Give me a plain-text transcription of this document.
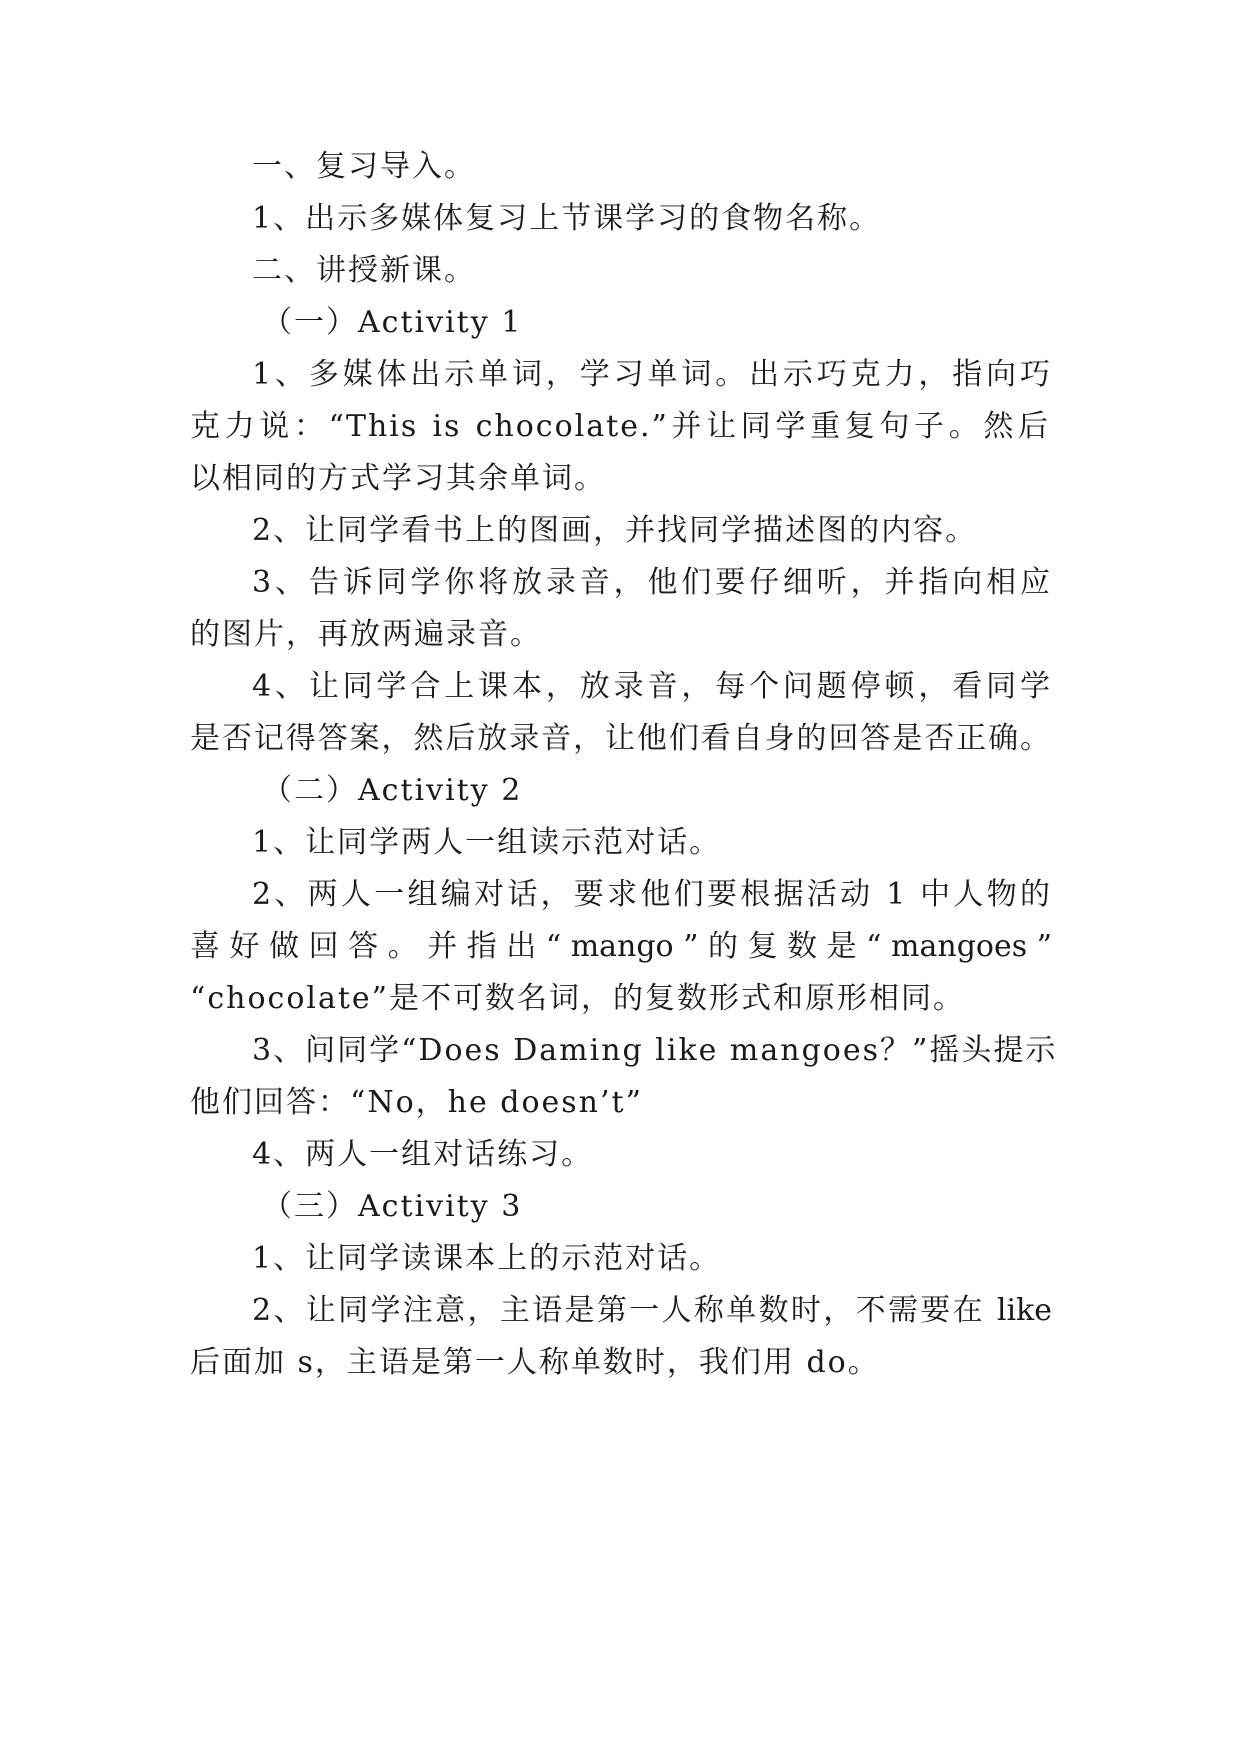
一、复习导入。
1、出示多媒体复习上节课学习的食物名称。
二、讲授新课。
（一）Activity 1
1、多媒体出示单词，学习单词。出示巧克力，指向巧
克力说：“This is chocolate.”并让同学重复句子。然后
以相同的方式学习其余单词。
2、让同学看书上的图画，并找同学描述图的内容。
3、告诉同学你将放录音，他们要仔细听，并指向相应
的图片，再放两遍录音。
4、让同学合上课本，放录音，每个问题停顿，看同学
是否记得答案，然后放录音，让他们看自身的回答是否正确。
（二）Activity 2
1、让同学两人一组读示范对话。
2、两人一组编对话，要求他们要根据活动 1 中人物的
喜 好 做 回 答 。 并 指 出 “ mango ” 的 复 数 是 “ mangoes ”
“chocolate”是不可数名词，的复数形式和原形相同。
3、问同学“Does Daming like mangoes？”摇头提示
他们回答：“No，he doesn’t”
4、两人一组对话练习。
（三）Activity 3
1、让同学读课本上的示范对话。
2、让同学注意，主语是第一人称单数时，不需要在 like
后面加 s，主语是第一人称单数时，我们用 do。
